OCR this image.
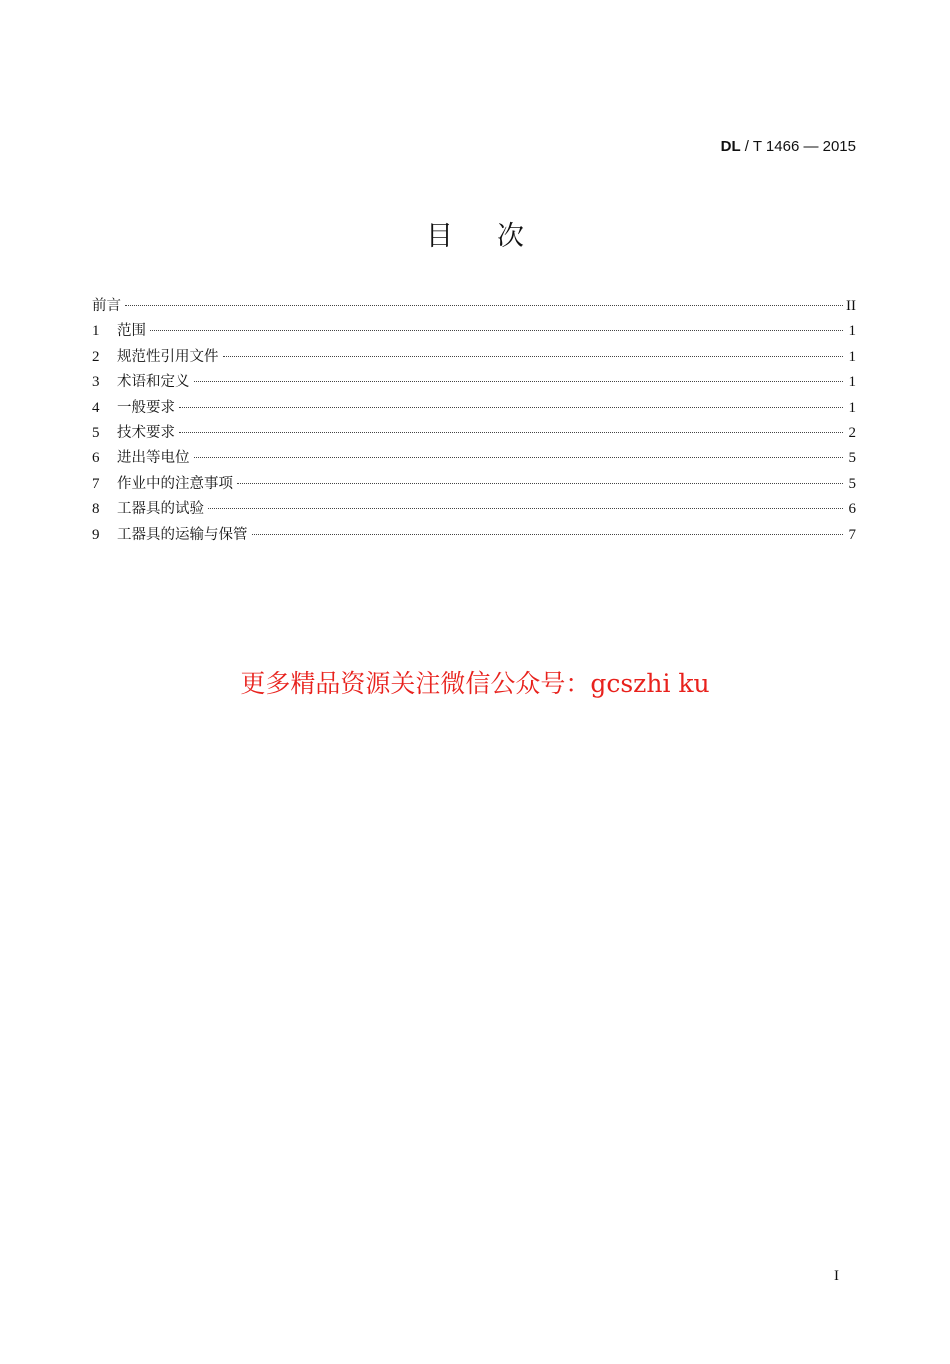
DL / T 1466 — 2015
目次
前言	II
1	范围	1
2	规范性引用文件	1
3	术语和定义	1
4	一般要求	1
5	技术要求	2
6	进出等电位	5
7	作业中的注意事项	5
8	工器具的试验	6
9	工器具的运输与保管	7
更多精品资源关注微信公众号：gcszhi ku
I
